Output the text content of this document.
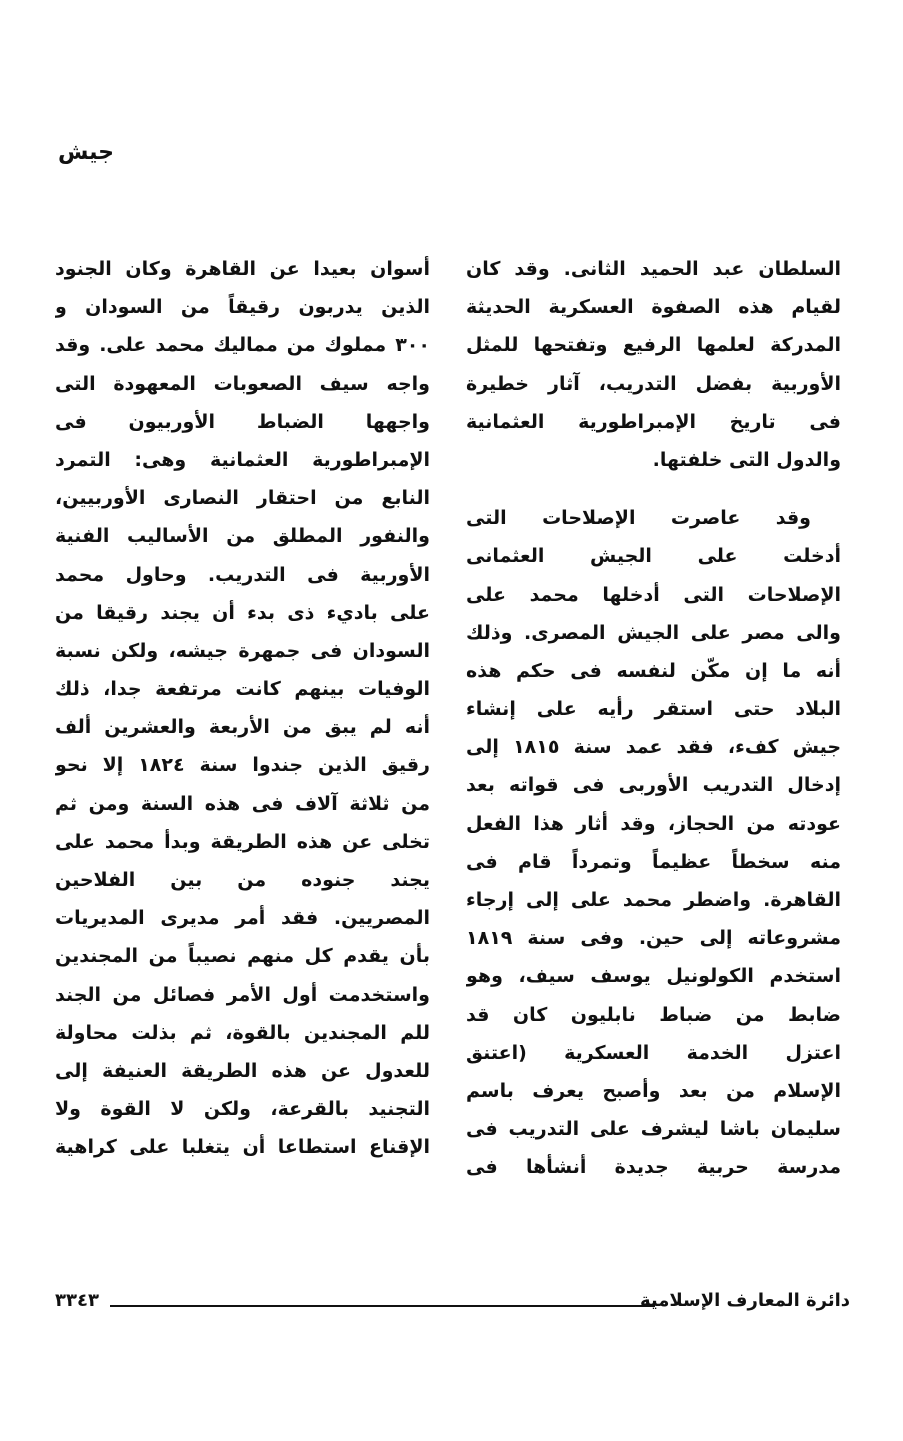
جيش
السلطان عبد الحميد الثانى. وقد كان
لقيام هذه الصفوة العسكرية الحديثة
المدركة لعلمها الرفيع وتفتحها للمثل
الأوربية بفضل التدريب، آثار خطيرة
فى تاريخ الإمبراطورية العثمانية
والدول التى خلفتها.
وقد عاصرت الإصلاحات التى
أدخلت على الجيش العثمانى
الإصلاحات التى أدخلها محمد على
والى مصر على الجيش المصرى. وذلك
أنه ما إن مكّن لنفسه فى حكم هذه
البلاد حتى استقر رأيه على إنشاء
جيش كفء، فقد عمد سنة ١٨١٥ إلى
إدخال التدريب الأوربى فى قواته بعد
عودته من الحجاز، وقد أثار هذا الفعل
منه سخطاً عظيماً وتمرداً قام فى
القاهرة. واضطر محمد على إلى إرجاء
مشروعاته إلى حين. وفى سنة ١٨١٩
استخدم الكولونيل يوسف سيف، وهو
ضابط من ضباط نابليون كان قد
اعتزل الخدمة العسكرية (اعتنق
الإسلام من بعد وأصبح يعرف باسم
سليمان باشا ليشرف على التدريب فى
مدرسة حربية جديدة أنشأها فى
أسوان بعيدا عن القاهرة وكان الجنود
الذين يدربون رقيقاً من السودان و
٣٠٠ مملوك من مماليك محمد على. وقد
واجه سيف الصعوبات المعهودة التى
واجهها الضباط الأوربيون فى
الإمبراطورية العثمانية وهى: التمرد
النابع من احتقار النصارى الأوربيين،
والنفور المطلق من الأساليب الفنية
الأوربية فى التدريب. وحاول محمد
على باديء ذى بدء أن يجند رقيقا من
السودان فى جمهرة جيشه، ولكن نسبة
الوفيات بينهم كانت مرتفعة جدا، ذلك
أنه لم يبق من الأربعة والعشرين ألف
رقيق الذين جندوا سنة ١٨٢٤ إلا نحو
من ثلاثة آلاف فى هذه السنة ومن ثم
تخلى عن هذه الطريقة وبدأ محمد على
يجند جنوده من بين الفلاحين
المصريين. فقد أمر مديرى المديريات
بأن يقدم كل منهم نصيباً من المجندين
واستخدمت أول الأمر فصائل من الجند
للم المجندين بالقوة، ثم بذلت محاولة
للعدول عن هذه الطريقة العنيفة إلى
التجنيد بالقرعة، ولكن لا القوة ولا
الإقناع استطاعا أن يتغلبا على كراهية
٣٣٤٣	دائرة المعارف الإسلامية
